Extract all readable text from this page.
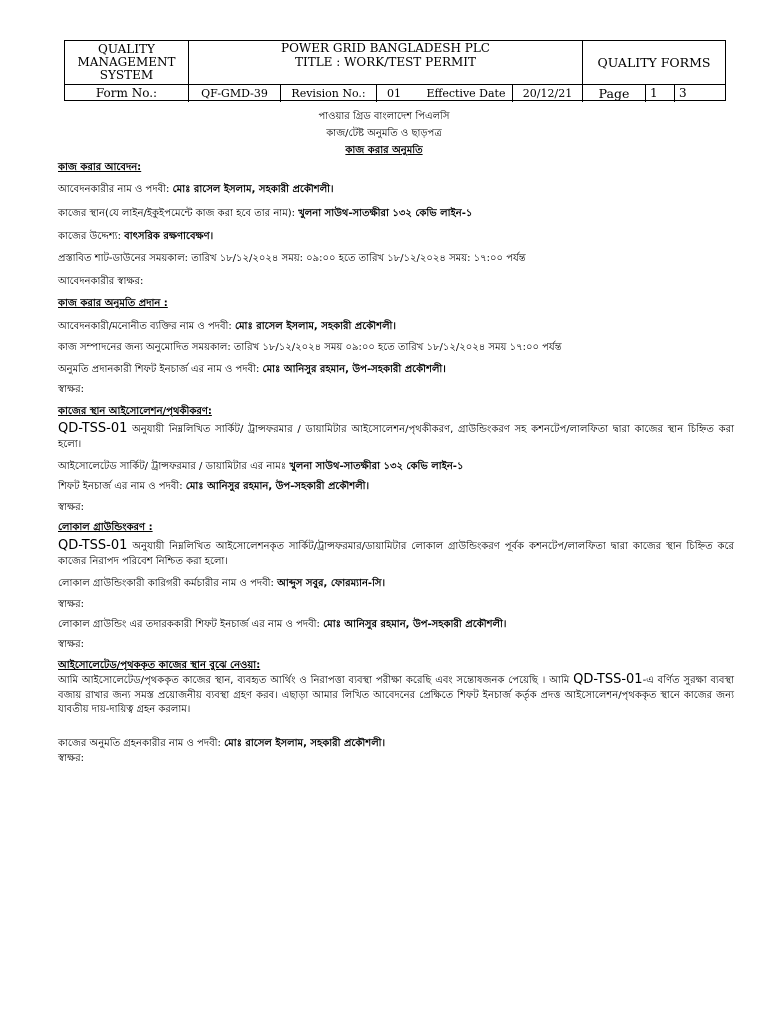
QUALITY MANAGEMENT SYSTEM
POWER GRID BANGLADESH PLC
TITLE : WORK/TEST PERMIT	QUALITY FORMS
Form No.:	QF-GMD-39	Revision No.:	01	Effective Date	20/12/21	Page	1	3
পাওয়ার গ্রিড বাংলাদেশ পিএলসি
কাজ/টেষ্ট অনুমতি ও ছাড়পত্র
কাজ করার অনুমতি
কাজ করার আবেদন:
আবেদনকারীর নাম ও পদবী: মোঃ রাসেল ইসলাম, সহকারী প্রকৌশলী।
কাজের স্থান(যে লাইন/ইকুইপমেন্টে কাজ করা হবে তার নাম): খুলনা সাউথ-সাতক্ষীরা ১৩২ কেভি লাইন-১
কাজের উদ্দেশ্য: বাৎসরিক রক্ষণাবেক্ষণ।
প্রস্তাবিত শাট-ডাউনের সময়কাল: তারিখ ১৮/১২/২০২৪ সময়: ০৯:০০ হতে তারিখ ১৮/১২/২০২৪ সময়: ১৭:০০ পর্যন্ত
আবেদনকারীর স্বাক্ষর:
কাজ করার অনুমতি প্রদান :
আবেদনকারী/মনোনীত ব্যক্তির নাম ও পদবী: মোঃ রাসেল ইসলাম, সহকারী প্রকৌশলী।
কাজ সম্পাদনের জন্য অনুমোদিত সময়কাল: তারিখ ১৮/১২/২০২৪ সময় ০৯:০০ হতে তারিখ ১৮/১২/২০২৪ সময় ১৭:০০ পর্যন্ত
অনুমতি প্রদানকারী শিফট ইনচার্জ এর নাম ও পদবী: মোঃ আনিসুর রহমান, উপ-সহকারী প্রকৌশলী।
স্বাক্ষর:
কাজের স্থান আইসোলেশন/পৃথকীকরণ:
QD-TSS-01 অনুযায়ী নিম্নলিখিত সার্কিট/ ট্রান্সফরমার / ডায়ামিটার আইসোলেশন/পৃথকীকরণ, গ্রাউন্ডিংকরণ সহ কশনটেপ/লালফিতা দ্বারা কাজের স্থান চিহ্নিত করা হলো।
আইসোলেটেড সার্কিট/ ট্রান্সফরমার / ডায়ামিটার এর নামঃ খুলনা সাউথ-সাতক্ষীরা ১৩২ কেভি লাইন-১
শিফট ইনচার্জ এর নাম ও পদবী: মোঃ আনিসুর রহমান, উপ-সহকারী প্রকৌশলী।
স্বাক্ষর:
লোকাল গ্রাউন্ডিংকরণ :
QD-TSS-01 অনুযায়ী নিম্নলিখিত আইসোলেশনকৃত সার্কিট/ট্রান্সফরমার/ডায়ামিটার লোকাল গ্রাউন্ডিংকরণ পূর্বক কশনটেপ/লালফিতা দ্বারা কাজের স্থান চিহ্নিত করে কাজের নিরাপদ পরিবেশ নিশ্চিত করা হলো।
লোকাল গ্রাউন্ডিংকারী কারিগরী কর্মচারীর নাম ও পদবী: আব্দুস সবুর, ফোরম্যান-সি।
স্বাক্ষর:
লোকাল গ্রাউন্ডিং এর তদারককারী শিফট ইনচার্জ এর নাম ও পদবী: মোঃ আনিসুর রহমান, উপ-সহকারী প্রকৌশলী।
স্বাক্ষর:
আইসোলেটেড/পৃথককৃত কাজের স্থান বুঝে নেওয়া:
আমি আইসোলেটেড/পৃথককৃত কাজের স্থান, ব্যবহৃত আর্থিং ও নিরাপত্তা ব্যবস্থা পরীক্ষা করেছি এবং সন্তোষজনক পেয়েছি । আমি QD-TSS-01-এ বর্ণিত সুরক্ষা ব্যবস্থা বজায় রাখার জন্য সমস্ত প্রয়োজনীয় ব্যবস্থা গ্রহণ করব। এছাড়া আমার লিখিত আবেদনের প্রেক্ষিতে শিফট ইনচার্জ কর্তৃক প্রদত্ত আইসোলেশন/পৃথককৃত স্থানে কাজের জন্য যাবতীয় দায়-দায়িত্ব গ্রহন করলাম।
কাজের অনুমতি গ্রহনকারীর নাম ও পদবী: মোঃ রাসেল ইসলাম, সহকারী প্রকৌশলী।
স্বাক্ষর:
